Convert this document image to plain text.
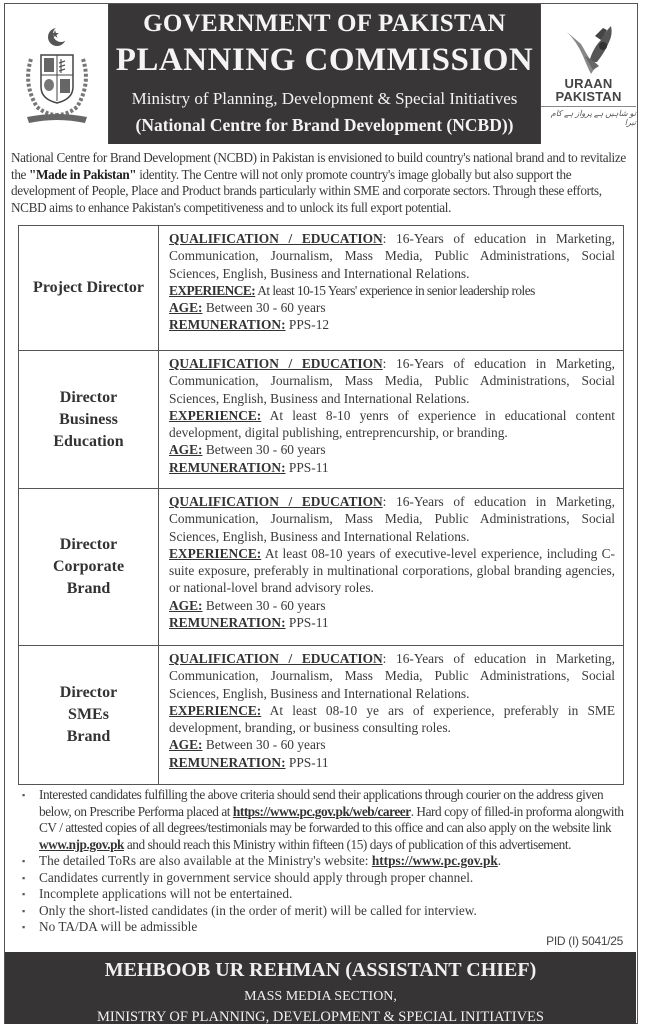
GOVERNMENT OF PAKISTAN
PLANNING COMMISSION
Ministry of Planning, Development & Special Initiatives
(National Centre for Brand Development (NCBD))
URAAN
PAKISTAN
تو شاہیں ہے پرواز ہے کام تیرا

National Centre for Brand Development (NCBD) in Pakistan is envisioned to build country's national brand and to revitalize the "Made in Pakistan" identity. The Centre will not only promote country's image globally but also support the development of People, Place and Product brands particularly within SME and corporate sectors. Through these efforts, NCBD aims to enhance Pakistan's competitiveness and to unlock its full export potential.

Project Director
QUALIFICATION / EDUCATION: 16-Years of education in Marketing, Communication, Journalism, Mass Media, Public Administrations, Social Sciences, English, Business and International Relations.
EXPERIENCE: At least 10-15 Years' experience in senior leadership roles
AGE: Between 30 - 60 years
REMUNERATION: PPS-12
Director Business Education
QUALIFICATION / EDUCATION: 16-Years of education in Marketing, Communication, Journalism, Mass Media, Public Administrations, Social Sciences, English, Business and International Relations.
EXPERIENCE: At least 8-10 yenrs of experience in educational content development, digital publishing, entreprencurship, or branding.
AGE: Between 30 - 60 years
REMUNERATION: PPS-11
Director Corporate Brand
QUALIFICATION / EDUCATION: 16-Years of education in Marketing, Communication, Journalism, Mass Media, Public Administrations, Social Sciences, English, Business and International Relations.
EXPERIENCE: At least 08-10 years of executive-level experience, including C-suite exposure, preferably in multinational corporations, global branding agencies, or national-lovel brand advisory roles.
AGE: Between 30 - 60 years
REMUNERATION: PPS-11
Director SMEs Brand
QUALIFICATION / EDUCATION: 16-Years of education in Marketing, Communication, Journalism, Mass Media, Public Administrations, Social Sciences, English, Business and International Relations.
EXPERIENCE: At least 08-10 ye ars of experience, preferably in SME development, branding, or business consulting roles.
AGE: Between 30 - 60 years
REMUNERATION: PPS-11
▪ Interested candidates fulfilling the above criteria should send their applications through courier on the address given below, on Prescribe Performa placed at https://www.pc.gov.pk/web/career. Hard copy of filled-in proforma alongwith CV / attested copies of all degrees/testimonials may be forwarded to this office and can also apply on the website link www.njp.gov.pk and should reach this Ministry within fifteen (15) days of publication of this advertisement.
▪ The detailed ToRs are also available at the Ministry's website: https://www.pc.gov.pk.
▪ Candidates currently in government service should apply through proper channel.
▪ Incomplete applications will not be entertained.
▪ Only the short-listed candidates (in the order of merit) will be called for interview.
▪ No TA/DA will be admissible
PID (I) 5041/25
MEHBOOB UR REHMAN (ASSISTANT CHIEF)
MASS MEDIA SECTION,
MINISTRY OF PLANNING, DEVELOPMENT & SPECIAL INITIATIVES
